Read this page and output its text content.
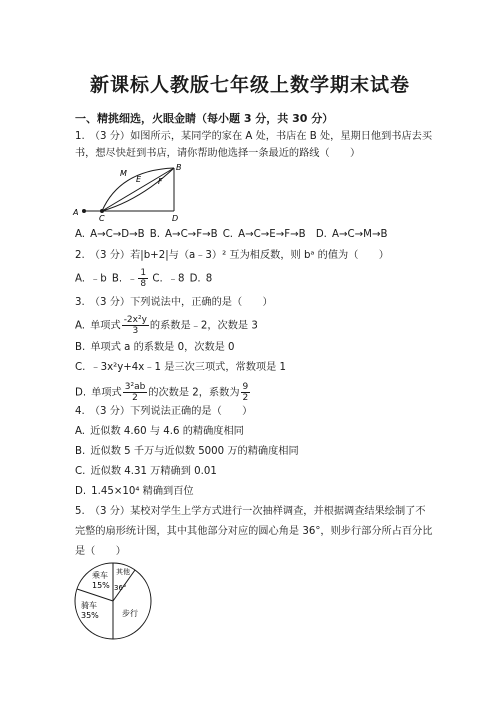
新课标人教版七年级上数学期末试卷
一、精挑细选，火眼金睛（每小题 3 分，共 30 分）
1.　（3 分）如图所示，某同学的家在 A 处，书店在 B 处，星期日他到书店去买
书，想尽快赶到书店，请你帮助他选择一条最近的路线（　　）
A
C	D
B
M
E F
A. A→C→D→B B. A→C→F→B C. A→C→E→F→B  D. A→C→M→B
2.　（3 分）若|b+2|与（a﹣3）² 互为相反数，则 bᵃ 的值为（　　）
A. ﹣b B. ﹣ $\frac{1}{8} C$. ﹣8 D. 8
3.　（3 分）下列说法中，正确的是（　　）
A. 单项式 $\frac{\text{-2x²y}}{3}$ 的系数是﹣2，次数是 3
B. 单项式 a 的系数是 0，次数是 0
C. ﹣3x²y+4x﹣1 是三次三项式，常数项是 1
D. 单项式 $\frac{\text{3²ab}}{2}$ 的次数是 2，系数为 $\frac{9}{2}$
4.　（3 分）下列说法正确的是（　　）
A. 近似数 4.60 与 4.6 的精确度相同
B. 近似数 5 千万与近似数 5000 万的精确度相同
C. 近似数 4.31 万精确到 0.01
D. 1.45×10⁴ 精确到百位
5.　（3 分）某校对学生上学方式进行一次抽样调查，并根据调查结果绘制了不
完整的扇形统计图，其中其他部分对应的圆心角是 36°，则步行部分所占百分比
是（　　）
乘车
15%
其他
36°
骑车
35%	步行
